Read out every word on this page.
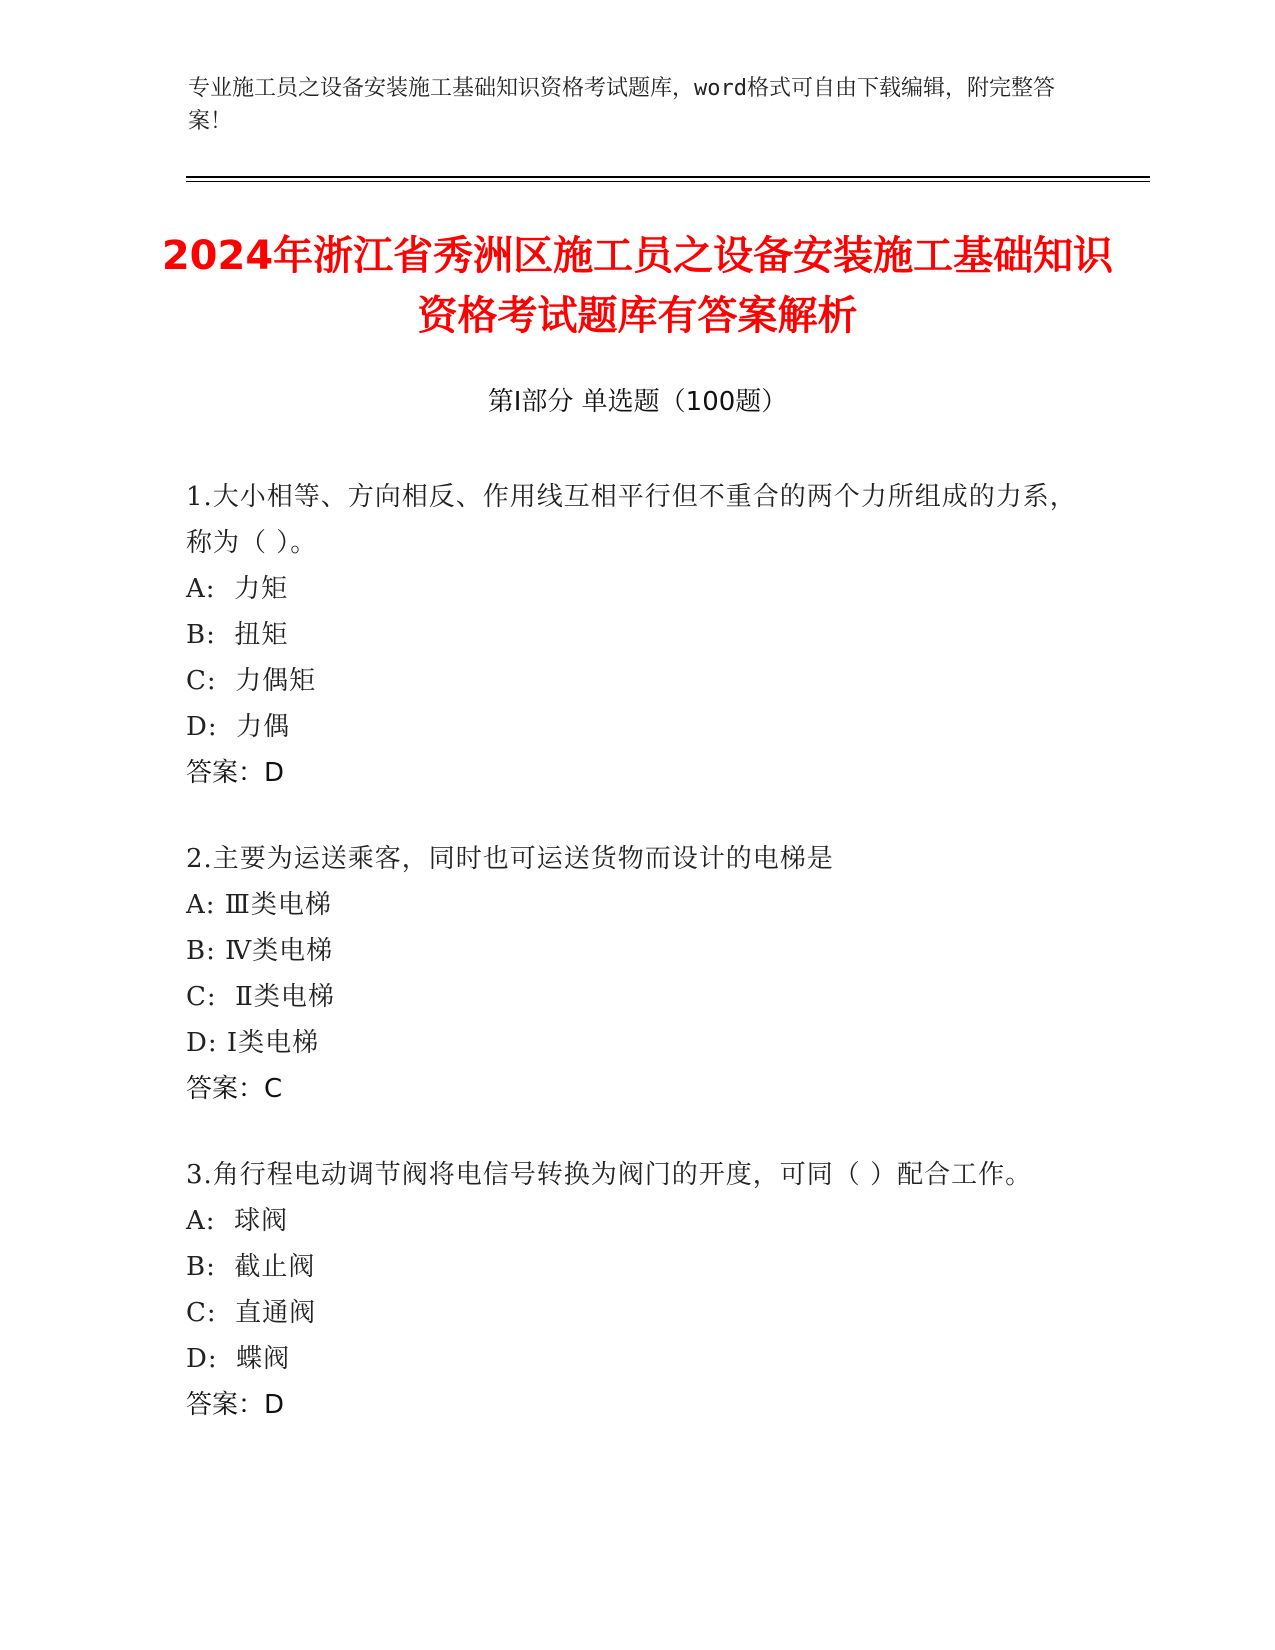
专业施工员之设备安装施工基础知识资格考试题库，word格式可自由下载编辑，附完整答案！
2024年浙江省秀洲区施工员之设备安装施工基础知识资格考试题库有答案解析
第Ⅰ部分 单选题（100题）
1.大小相等、方向相反、作用线互相平行但不重合的两个力所组成的力系，称为（ ）。
A:  力矩
B:  扭矩
C:  力偶矩
D:  力偶
答案：D
2.主要为运送乘客，同时也可运送货物而设计的电梯是
A: Ⅲ类电梯
B: Ⅳ类电梯
C:  Ⅱ类电梯
D: Ⅰ类电梯
答案：C
3.角行程电动调节阀将电信号转换为阀门的开度，可同（ ）配合工作。
A:  球阀
B:  截止阀
C:  直通阀
D:  蝶阀
答案：D
